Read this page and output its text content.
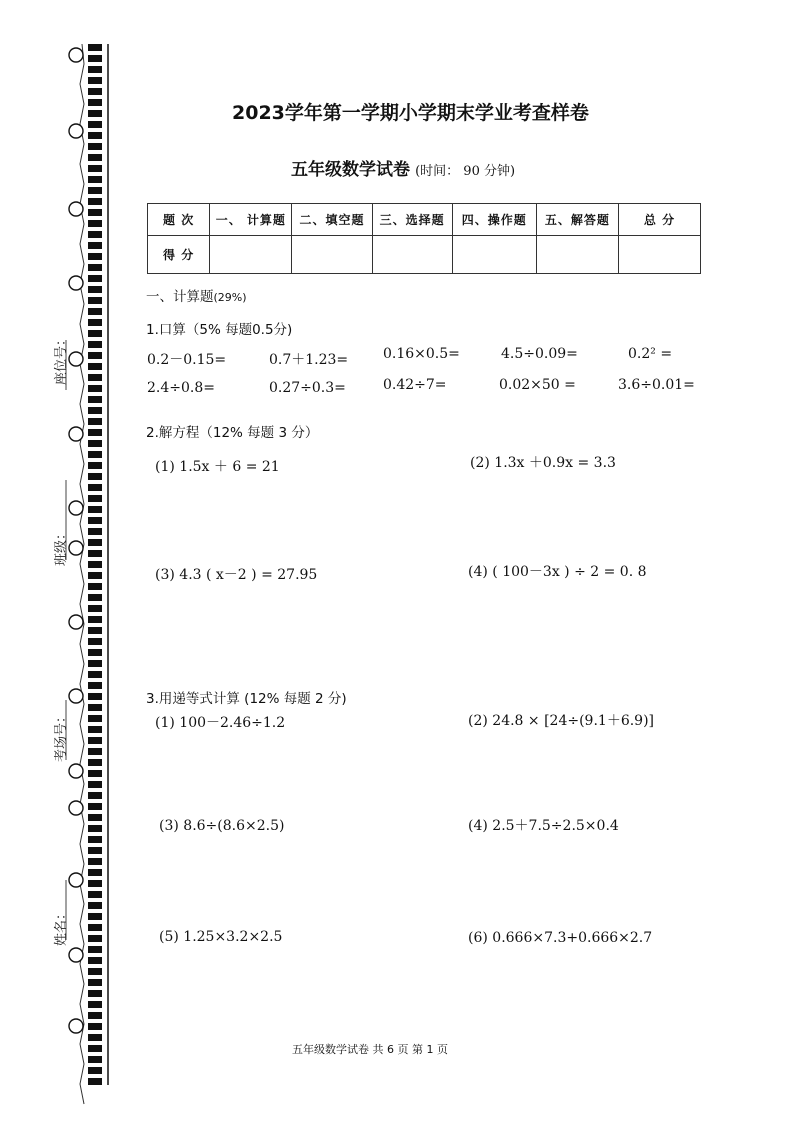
座位号：
班级：
考场号：
姓名：
2023学年第一学期小学期末学业考查样卷
五年级数学试卷 (时间： 90 分钟)
题 次	一、 计算题	二、填空题	三、选择题	四、操作题	五、解答题	总 分
得 分						
一、计算题(29%)
1.口算（5% 每题0.5分)
0.2－0.15=	0.7＋1.23= 0.16×0.5=	4.5÷0.09=	0.2² =
2.4÷0.8=	0.27÷0.3=	0.42÷7=	0.02×50 =	3.6÷0.01=
2.解方程（12% 每题 3 分）
(1) 1.5x ＋ 6 = 21	(2) 1.3x ＋0.9x = 3.3
(3) 4.3 ( x－2 ) = 27.95	(4) ( 100－3x ) ÷ 2 = 0. 8
3.用递等式计算 (12% 每题 2 分)
(1) 100－2.46÷1.2	(2) 24.8 × [24÷(9.1＋6.9)]
(3) 8.6÷(8.6×2.5)	(4) 2.5＋7.5÷2.5×0.4
(5) 1.25×3.2×2.5	(6) 0.666×7.3+0.666×2.7
五年级数学试卷 共 6 页 第 1 页
